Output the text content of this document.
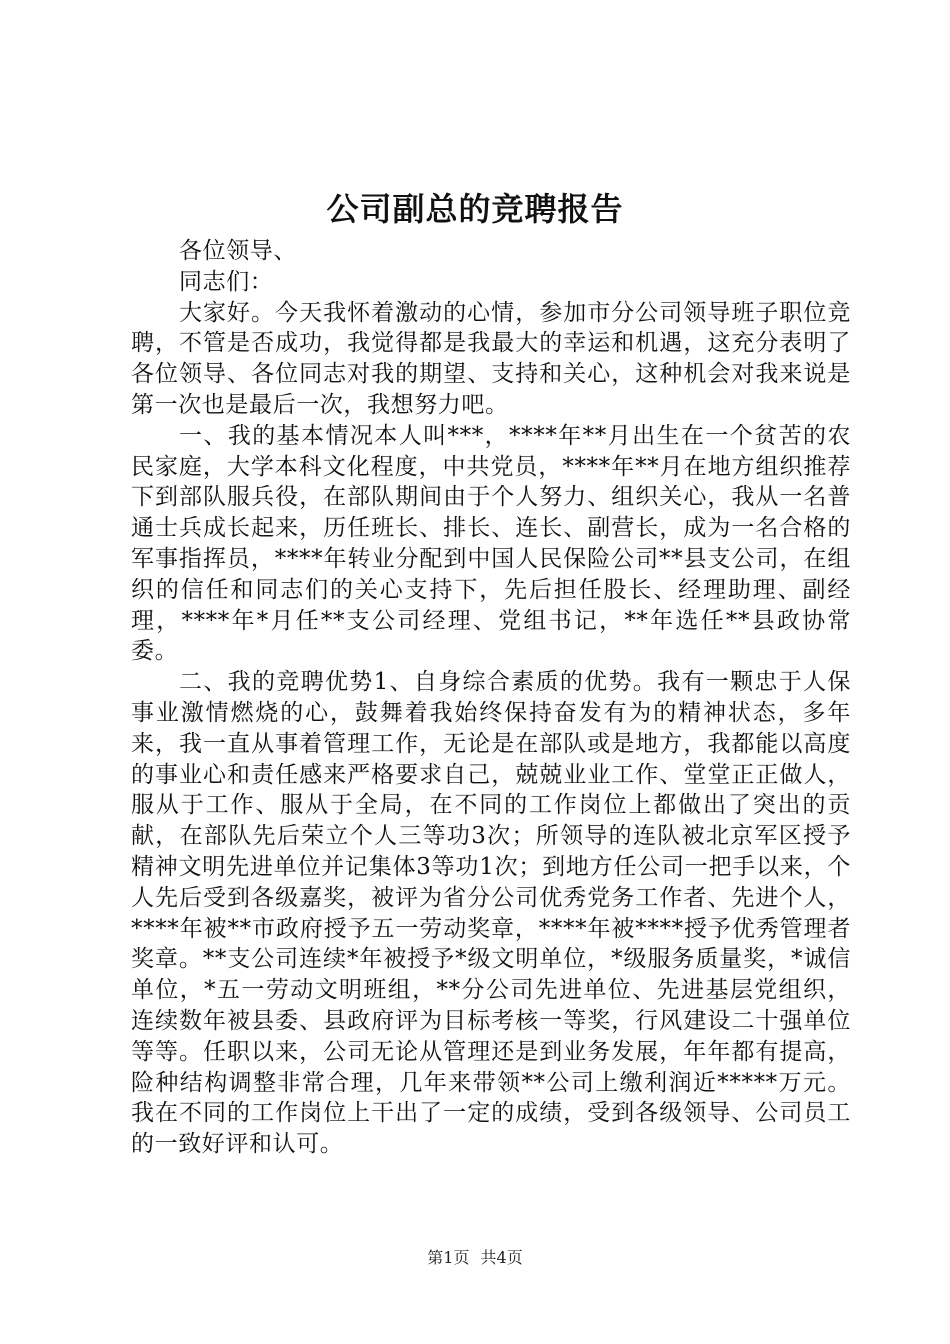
公司副总的竞聘报告

各位领导、

同志们：

大家好。今天我怀着激动的心情，参加市分公司领导班子职位竞聘，不管是否成功，我觉得都是我最大的幸运和机遇，这充分表明了各位领导、各位同志对我的期望、支持和关心，这种机会对我来说是第一次也是最后一次，我想努力吧。

一、我的基本情况本人叫***，****年**月出生在一个贫苦的农民家庭，大学本科文化程度，中共党员，****年**月在地方组织推荐下到部队服兵役，在部队期间由于个人努力、组织关心，我从一名普通士兵成长起来，历任班长、排长、连长、副营长，成为一名合格的军事指挥员，****年转业分配到中国人民保险公司**县支公司，在组织的信任和同志们的关心支持下，先后担任股长、经理助理、副经理，****年*月任**支公司经理、党组书记，**年选任**县政协常委。

二、我的竞聘优势1、自身综合素质的优势。我有一颗忠于人保事业激情燃烧的心，鼓舞着我始终保持奋发有为的精神状态，多年来，我一直从事着管理工作，无论是在部队或是地方，我都能以高度的事业心和责任感来严格要求自己，兢兢业业工作、堂堂正正做人，服从于工作、服从于全局，在不同的工作岗位上都做出了突出的贡献，在部队先后荣立个人三等功3次；所领导的连队被北京军区授予精神文明先进单位并记集体3等功1次；到地方任公司一把手以来，个人先后受到各级嘉奖，被评为省分公司优秀党务工作者、先进个人，****年被**市政府授予五一劳动奖章，****年被****授予优秀管理者奖章。**支公司连续*年被授予*级文明单位，*级服务质量奖，*诚信单位，*五一劳动文明班组，**分公司先进单位、先进基层党组织，连续数年被县委、县政府评为目标考核一等奖，行风建设二十强单位等等。任职以来，公司无论从管理还是到业务发展，年年都有提高，险种结构调整非常合理，几年来带领**公司上缴利润近*****万元。我在不同的工作岗位上干出了一定的成绩，受到各级领导、公司员工的一致好评和认可。

第1页 共4页
